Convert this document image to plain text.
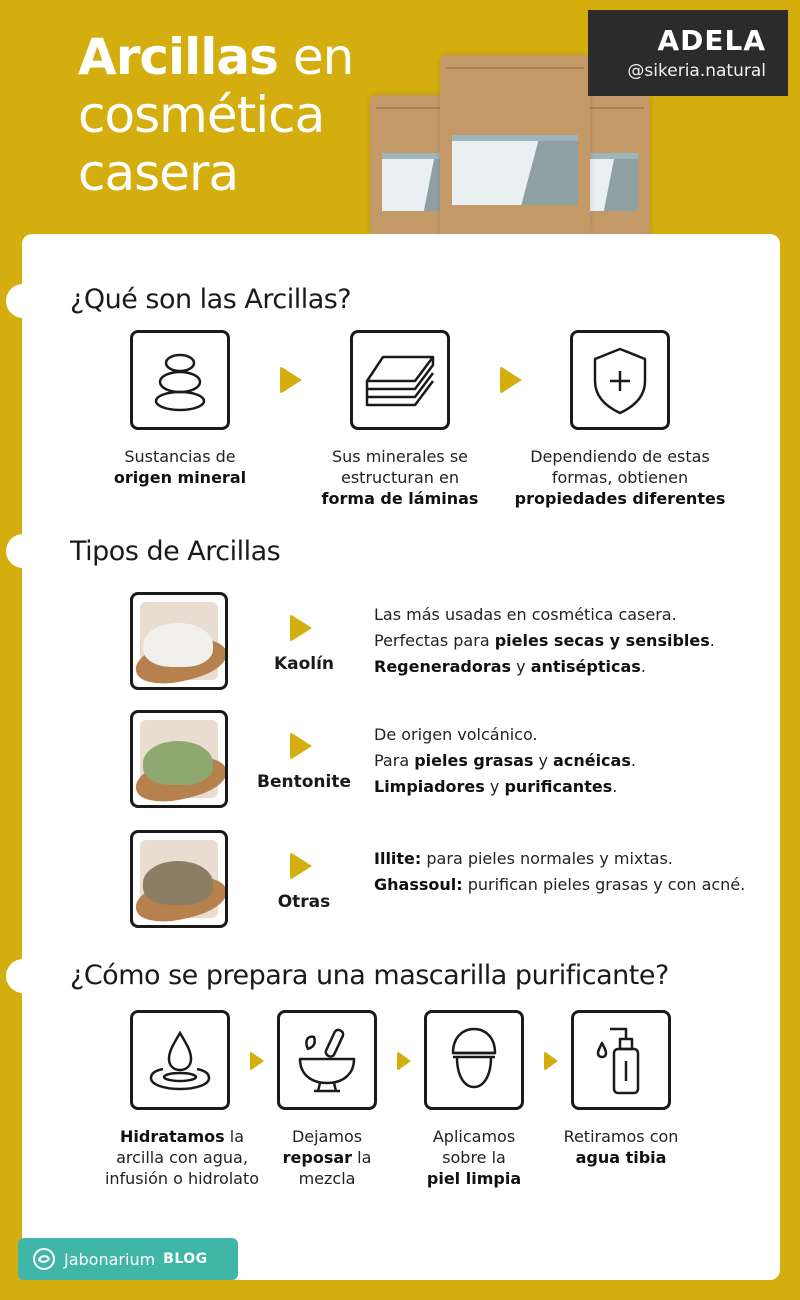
Arcillas en
cosmética
casera
ADELA
@sikeria.natural
¿Qué son las Arcillas?
Sustancias de
origen mineral
Sus minerales se estructuran en
forma de láminas
Dependiendo de estas formas, obtienen
propiedades diferentes
Tipos de Arcillas
Kaolín
Las más usadas en cosmética casera.
Perfectas para pieles secas y sensibles.
Regeneradoras y antisépticas.
Bentonite
De origen volcánico.
Para pieles grasas y acnéicas.
Limpiadores y purificantes.
Otras
Illite: para pieles normales y mixtas.
Ghassoul: purifican pieles grasas y con acné.
¿Cómo se prepara una mascarilla purificante?
Hidratamos la
arcilla con agua,
infusión o hidrolato
Dejamos
reposar la
mezcla
Aplicamos
sobre la
piel limpia
Retiramos con
agua tibia
Jabonarium BLOG
